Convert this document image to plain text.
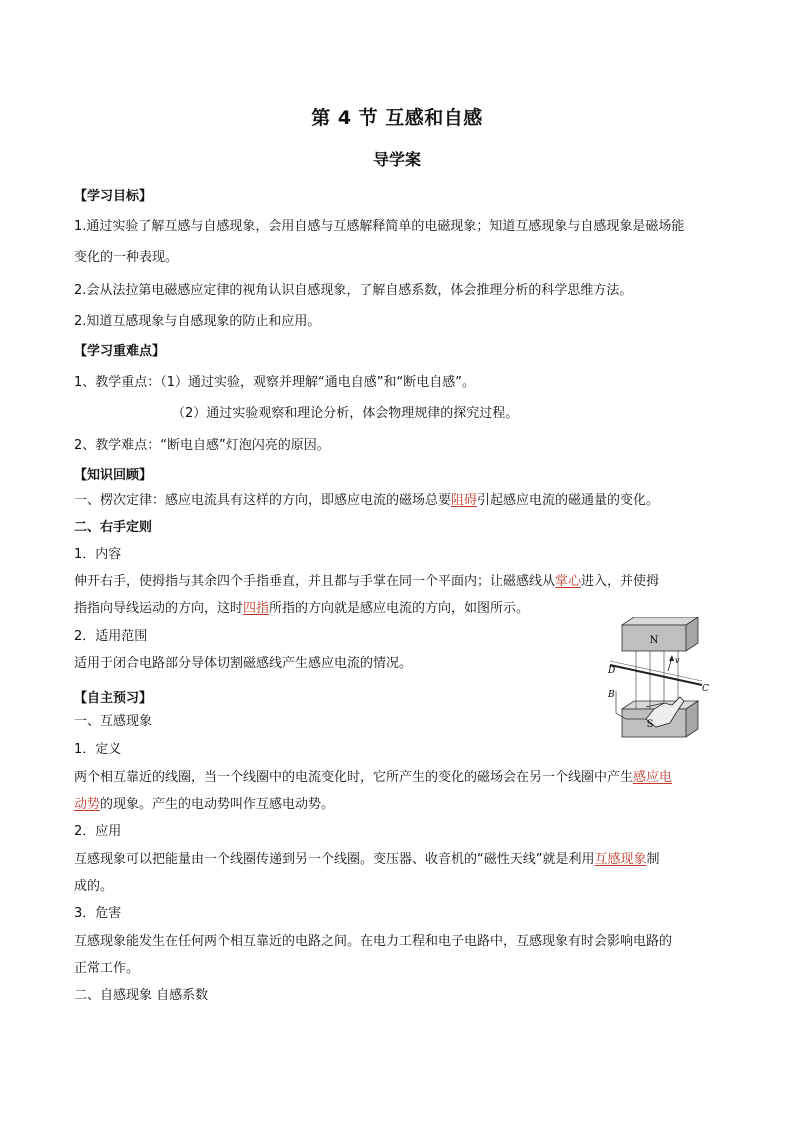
第 4 节 互感和自感
导学案
【学习目标】
1.通过实验了解互感与自感现象，会用自感与互感解释简单的电磁现象；知道互感现象与自感现象是磁场能
变化的一种表现。
2.会从法拉第电磁感应定律的视角认识自感现象，了解自感系数，体会推理分析的科学思维方法。
2.知道互感现象与自感现象的防止和应用。
【学习重难点】
1、教学重点：（1）通过实验，观察并理解“通电自感”和“断电自感”。
（2）通过实验观察和理论分析，体会物理规律的探究过程。
2、教学难点：“断电自感”灯泡闪亮的原因。
【知识回顾】
一、楞次定律：感应电流具有这样的方向，即感应电流的磁场总要阻碍引起感应电流的磁通量的变化。
二、右手定则
1．内容
伸开右手，使拇指与其余四个手指垂直，并且都与手掌在同一个平面内；让磁感线从掌心进入，并使拇
指指向导线运动的方向，这时四指所指的方向就是感应电流的方向，如图所示。
2．适用范围
适用于闭合电路部分导体切割磁感线产生感应电流的情况。
【自主预习】
一、互感现象
1．定义
两个相互靠近的线圈，当一个线圈中的电流变化时，它所产生的变化的磁场会在另一个线圈中产生感应电
动势的现象。产生的电动势叫作互感电动势。
2．应用
互感现象可以把能量由一个线圈传递到另一个线圈。变压器、收音机的“磁性天线”就是利用互感现象制
成的。
3．危害
互感现象能发生在任何两个相互靠近的电路之间。在电力工程和电子电路中，互感现象有时会影响电路的
正常工作。
二、自感现象 自感系数
N
S
D
B
C
v
